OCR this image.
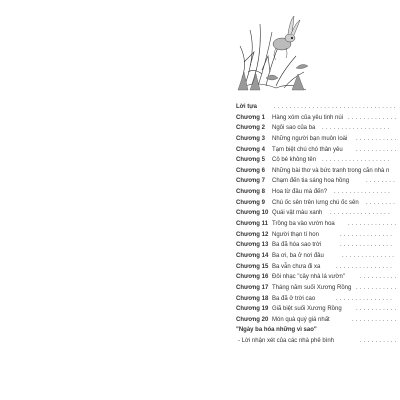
................................
Lời tựa
.............
Chương 1 Hàng xóm của yêu tinh núi
..................
Chương 2 Ngôi sao của ba
...........
Chương 3 Những người bạn muôn loài
...........
Chương 4 Tạm biệt chú chó thân yêu
..................
Chương 5 Cô bé không tên
Chương 6 Những bài thơ và bức tranh trong căn nhà n
........
Chương 7 Chạm đến tia sáng hoa hồng
...............
Chương 8 Hoa từ đâu mà đến?
........
Chương 9 Chú ốc sên trên lưng chú ốc sên
................
Chương 10 Quái vật màu xanh
.............
Chương 11 Trồng ba vào vườn hoa
..............
Chương 12 Người thạn tí hon
..............
Chương 13 Ba đã hóa sao trời
..............
Chương 14 Ba ơi, ba ở nơi đâu
...............
Chương 15 Ba vẫn chưa đi xa
..........
Chương 16 Đôi nhạc "cây nhà lá vườn"
...........
Chương 17 Tháng năm suối Xương Rồng
...............
Chương 18 Ba đã ở trời cao
...........
Chương 19 Giã biệt suối Xương Rồng
............
Chương 20 Món quà quý giá nhất
"Ngày ba hóa những vì sao"
..........
- Lời nhận xét của các nhà phê bình
